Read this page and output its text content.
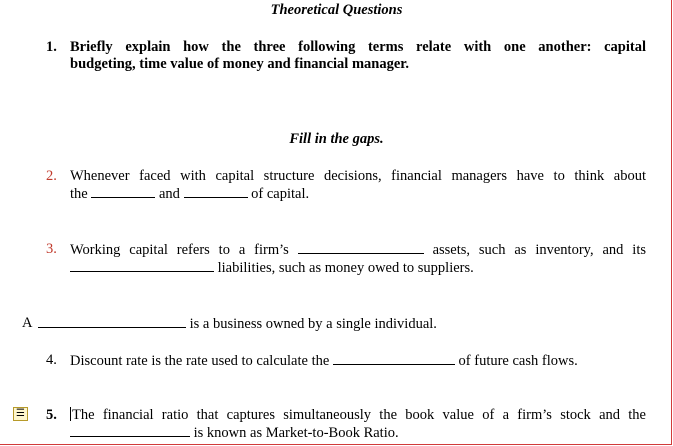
Theoretical Questions
1. Briefly explain how the three following terms relate with one another: capital
budgeting, time value of money and financial manager.
Fill in the gaps.
2. Whenever faced with capital structure decisions, financial managers have to think about
the	and	of capital.
3. Working capital refers to a firm’s	assets, such as inventory, and its
liabilities, such as money owed to suppliers.
A	is a business owned by a single individual.
4. Discount rate is the rate used to calculate the	of future cash flows.
☰ 5.	The financial ratio that captures simultaneously the book value of a firm’s stock and the
is known as Market-to-Book Ratio.
